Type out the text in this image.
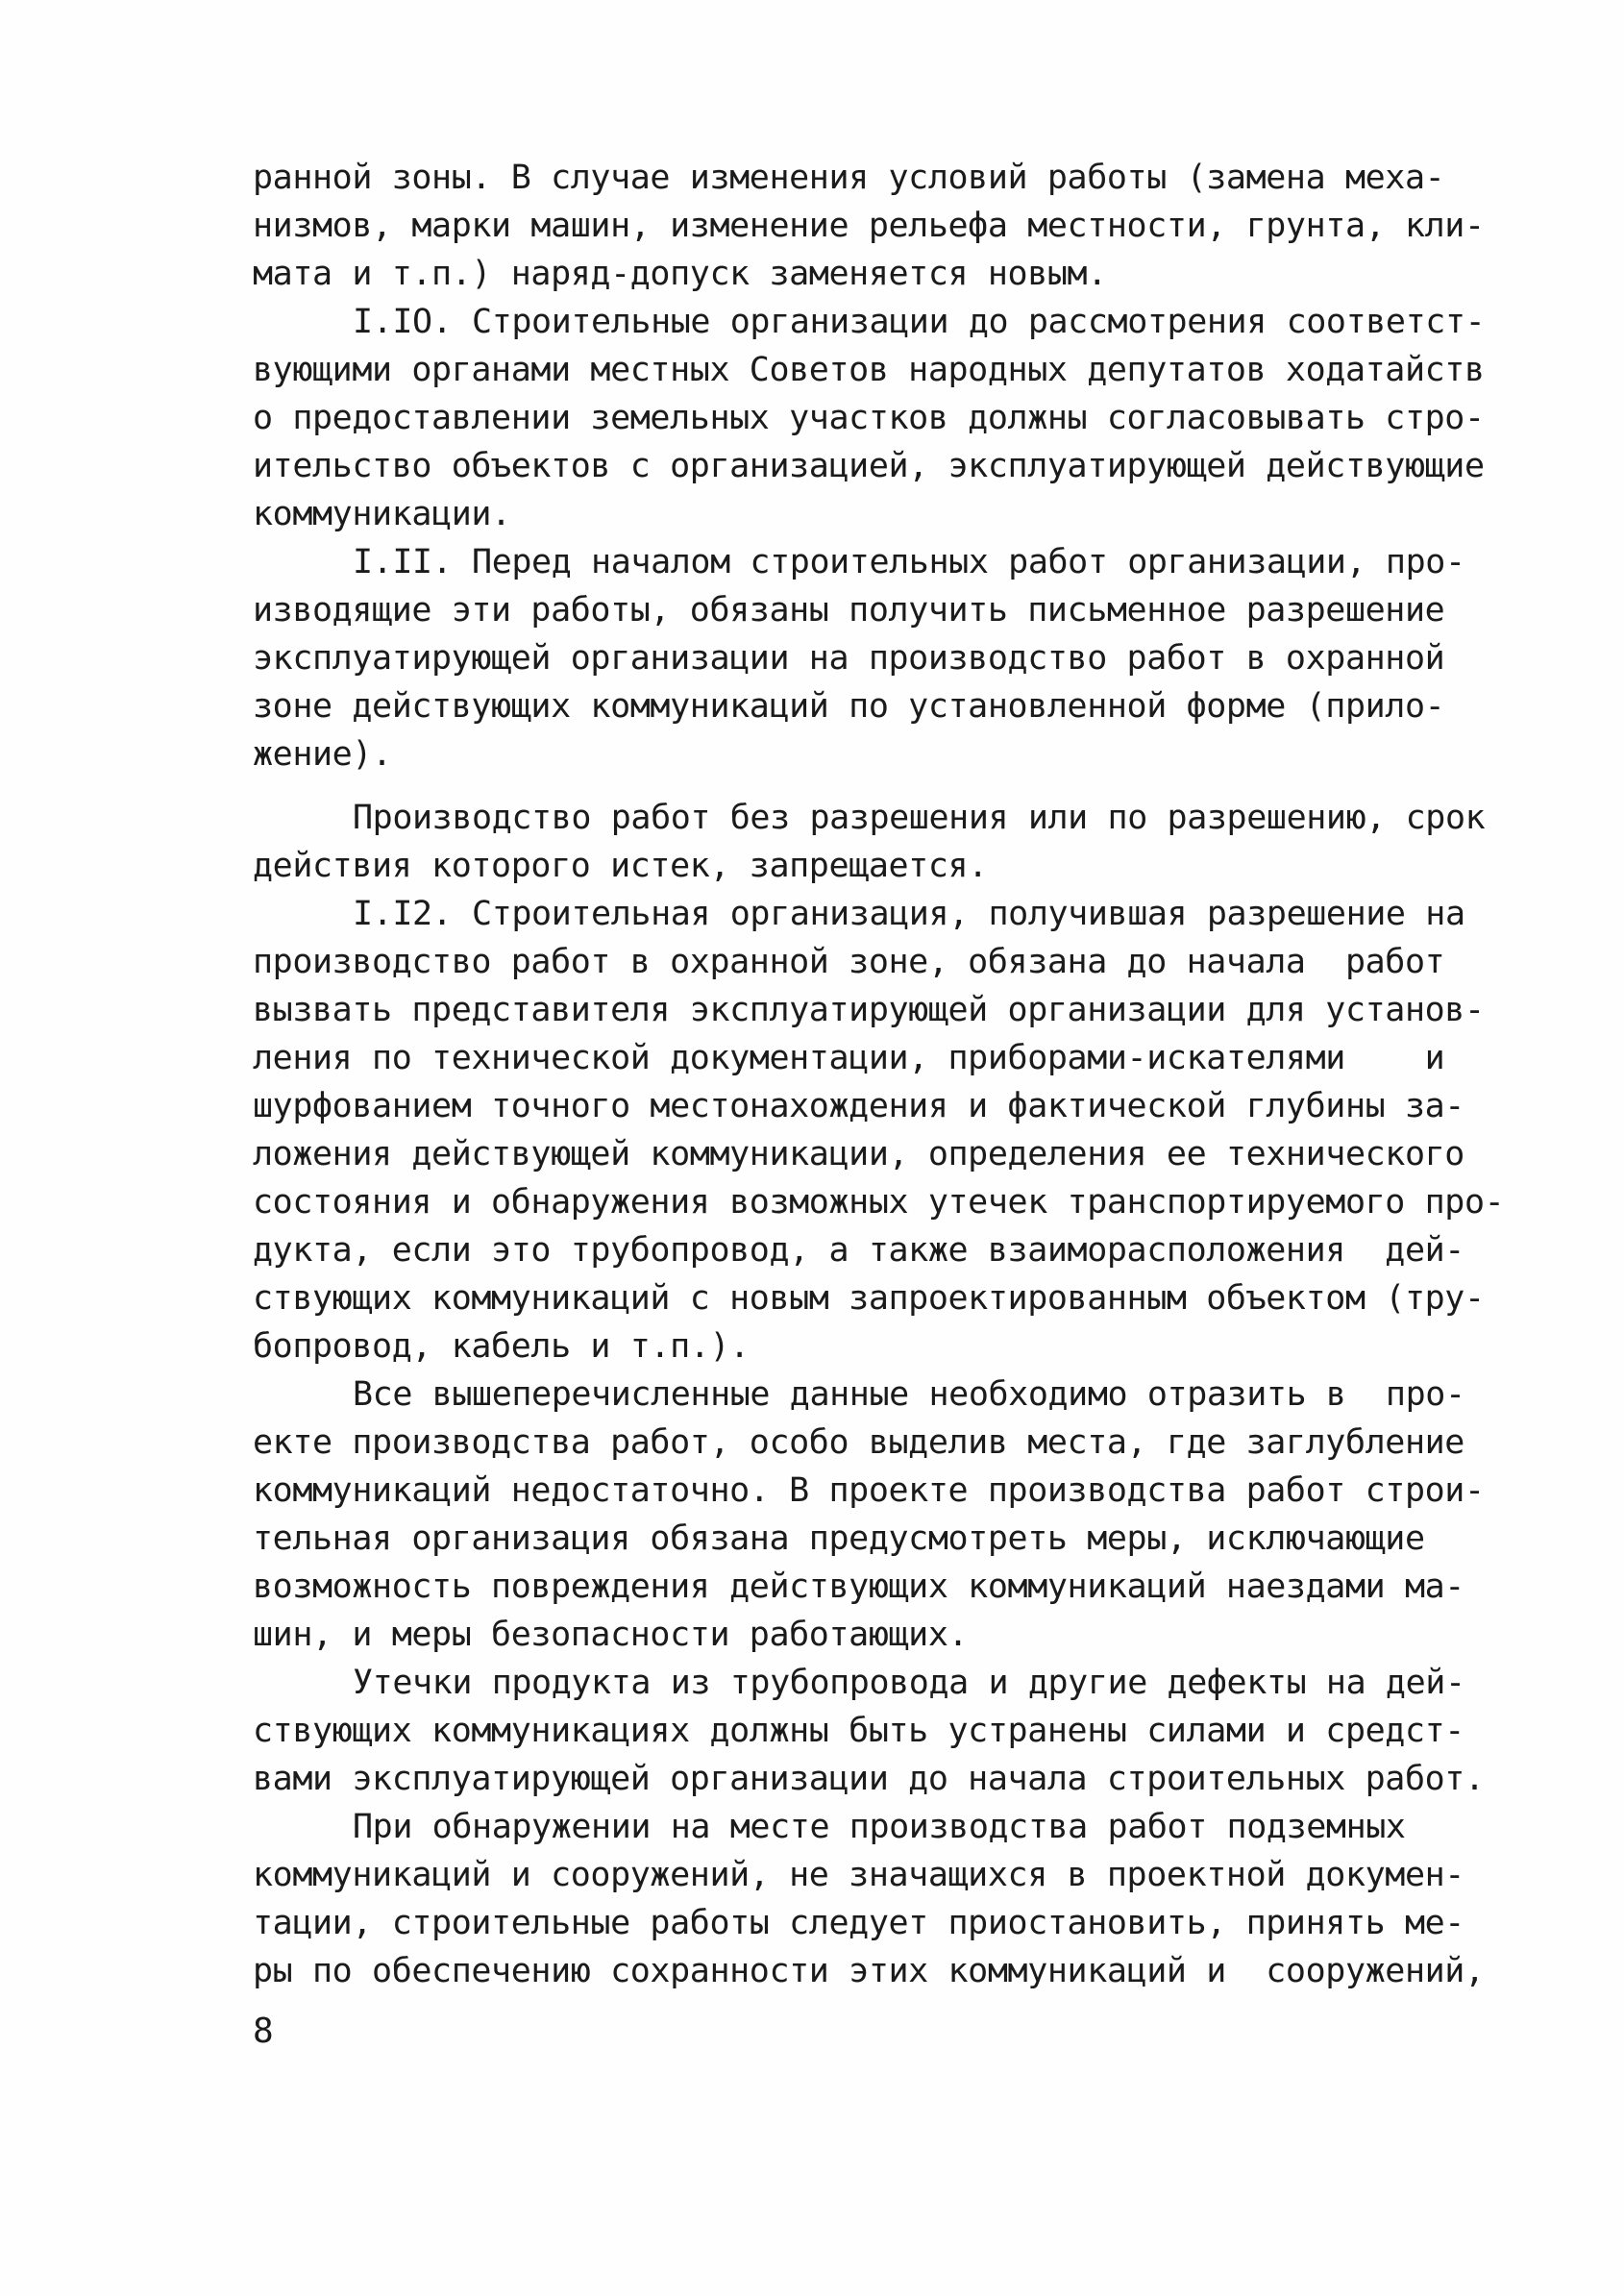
ранной зоны. В случае изменения условий работы (замена меха-
низмов, марки машин, изменение рельефа местности, грунта, кли-
мата и т.п.) наряд-допуск заменяется новым.
I.IO. Строительные организации до рассмотрения соответст-
вующими органами местных Советов народных депутатов ходатайств
о предоставлении земельных участков должны согласовывать стро-
ительство объектов с организацией, эксплуатирующей действующие
коммуникации.
I.II. Перед началом строительных работ организации, про-
изводящие эти работы, обязаны получить письменное разрешение
эксплуатирующей организации на производство работ в охранной
зоне действующих коммуникаций по установленной форме (прило-
жение).
Производство работ без разрешения или по разрешению, срок
действия которого истек, запрещается.
I.I2. Строительная организация, получившая разрешение на
производство работ в охранной зоне, обязана до начала  работ
вызвать представителя эксплуатирующей организации для установ-
ления по технической документации, приборами-искателями    и
шурфованием точного местонахождения и фактической глубины за-
ложения действующей коммуникации, определения ее технического
состояния и обнаружения возможных утечек транспортируемого про-
дукта, если это трубопровод, а также взаиморасположения  дей-
ствующих коммуникаций с новым запроектированным объектом (тру-
бопровод, кабель и т.п.).
Все вышеперечисленные данные необходимо отразить в  про-
екте производства работ, особо выделив места, где заглубление
коммуникаций недостаточно. В проекте производства работ строи-
тельная организация обязана предусмотреть меры, исключающие
возможность повреждения действующих коммуникаций наездами ма-
шин, и меры безопасности работающих.
Утечки продукта из трубопровода и другие дефекты на дей-
ствующих коммуникациях должны быть устранены силами и средст-
вами эксплуатирующей организации до начала строительных работ.
При обнаружении на месте производства работ подземных
коммуникаций и сооружений, не значащихся в проектной докумен-
тации, строительные работы следует приостановить, принять ме-
ры по обеспечению сохранности этих коммуникаций и  сооружений,
8
